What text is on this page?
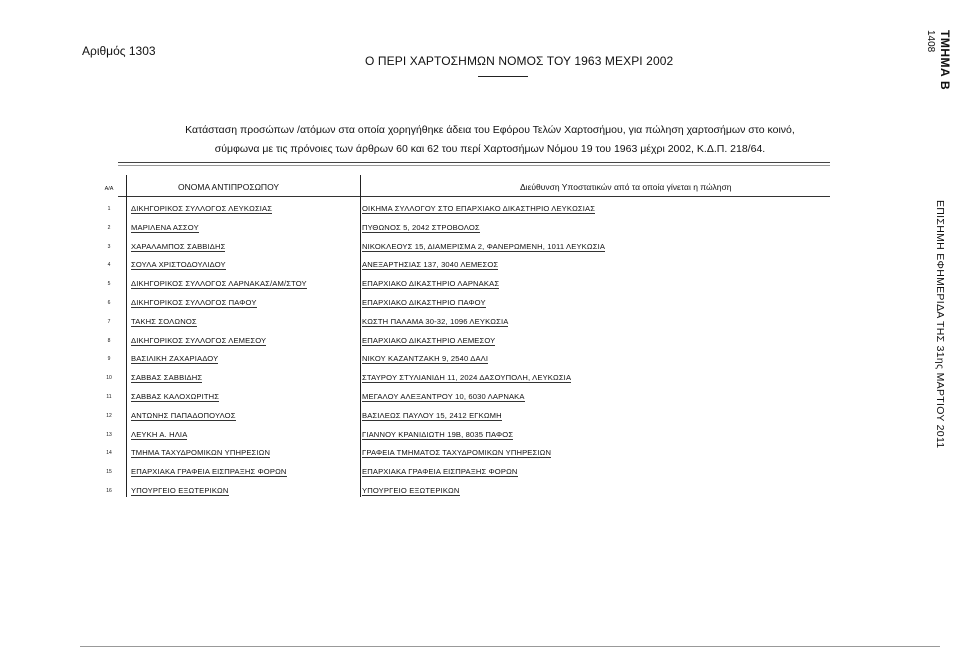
Αριθμός 1303
Ο ΠΕΡΙ ΧΑΡΤΟΣΗΜΩΝ ΝΟΜΟΣ ΤΟΥ 1963 ΜΕΧΡΙ 2002	ΤΜΗΜΑ Β
1408
ΕΠΙΣΗΜΗ ΕΦΗΜΕΡΙΔΑ ΤΗΣ 31ης ΜΑΡΤΙΟΥ 2011
Κατάσταση προσώπων /ατόμων στα οποία χορηγήθηκε άδεια του Εφόρου Τελών Χαρτοσήμου, για πώληση χαρτοσήμων στο κοινό,
σύμφωνα με τις πρόνοιες των άρθρων 60 και 62 του περί Χαρτοσήμων Νόμου 19 του 1963 μέχρι 2002, Κ.Δ.Π. 218/64.
Α/Α	ΟΝΟΜΑ ΑΝΤΙΠΡΟΣΩΠΟΥ	Διεύθυνση Υποστατικών από τα οποία γίνεται η πώληση
1	ΔΙΚΗΓΟΡΙΚΟΣ ΣΥΛΛΟΓΟΣ ΛΕΥΚΩΣΙΑΣ	ΟΙΚΗΜΑ ΣΥΛΛΟΓΟΥ ΣΤΟ ΕΠΑΡΧΙΑΚΟ ΔΙΚΑΣΤΗΡΙΟ ΛΕΥΚΩΣΙΑΣ
2	ΜΑΡΙΛΕΝΑ ΑΣΣΟΥ	ΠΥΘΩΝΟΣ 5, 2042 ΣΤΡΟΒΟΛΟΣ
3	ΧΑΡΑΛΑΜΠΟΣ ΣΑΒΒΙΔΗΣ	ΝΙΚΟΚΛΕΟΥΣ 15, ΔΙΑΜΕΡΙΣΜΑ 2, ΦΑΝΕΡΩΜΕΝΗ, 1011 ΛΕΥΚΩΣΙΑ
4	ΣΟΥΛΑ ΧΡΙΣΤΟΔΟΥΛΙΔΟΥ	ΑΝΕΞΑΡΤΗΣΙΑΣ 137, 3040 ΛΕΜΕΣΟΣ
5	ΔΙΚΗΓΟΡΙΚΟΣ ΣΥΛΛΟΓΟΣ ΛΑΡΝΑΚΑΣ/ΑΜ/ΣΤΟΥ	ΕΠΑΡΧΙΑΚΟ ΔΙΚΑΣΤΗΡΙΟ ΛΑΡΝΑΚΑΣ
6	ΔΙΚΗΓΟΡΙΚΟΣ ΣΥΛΛΟΓΟΣ ΠΑΦΟΥ	ΕΠΑΡΧΙΑΚΟ ΔΙΚΑΣΤΗΡΙΟ ΠΑΦΟΥ
7	ΤΑΚΗΣ ΣΟΛΩΝΟΣ	ΚΩΣΤΗ ΠΑΛΑΜΑ 30-32, 1096 ΛΕΥΚΩΣΙΑ
8	ΔΙΚΗΓΟΡΙΚΟΣ ΣΥΛΛΟΓΟΣ ΛΕΜΕΣΟΥ	ΕΠΑΡΧΙΑΚΟ ΔΙΚΑΣΤΗΡΙΟ ΛΕΜΕΣΟΥ
9	ΒΑΣΙΛΙΚΗ ΖΑΧΑΡΙΑΔΟΥ	ΝΙΚΟΥ ΚΑΖΑΝΤΖΑΚΗ 9, 2540 ΔΑΛΙ
10	ΣΑΒΒΑΣ ΣΑΒΒΙΔΗΣ	ΣΤΑΥΡΟΥ ΣΤΥΛΙΑΝΙΔΗ 11, 2024 ΔΑΣΟΥΠΟΛΗ, ΛΕΥΚΩΣΙΑ
11	ΣΑΒΒΑΣ ΚΑΛΟΧΩΡΙΤΗΣ	ΜΕΓΑΛΟΥ ΑΛΕΞΑΝΤΡΟΥ 10, 6030 ΛΑΡΝΑΚΑ
12	ΑΝΤΩΝΗΣ ΠΑΠΑΔΟΠΟΥΛΟΣ	ΒΑΣΙΛΕΩΣ ΠΑΥΛΟΥ 15, 2412 ΕΓΚΩΜΗ
13	ΛΕΥΚΗ Α. ΗΛΙΑ	ΓΙΑΝΝΟΥ ΚΡΑΝΙΔΙΩΤΗ 19Β, 8035 ΠΑΦΟΣ
14	ΤΜΗΜΑ ΤΑΧΥΔΡΟΜΙΚΩΝ ΥΠΗΡΕΣΙΩΝ	ΓΡΑΦΕΙΑ ΤΜΗΜΑΤΟΣ ΤΑΧΥΔΡΟΜΙΚΩΝ ΥΠΗΡΕΣΙΩΝ
15	ΕΠΑΡΧΙΑΚΑ ΓΡΑΦΕΙΑ ΕΙΣΠΡΑΞΗΣ ΦΟΡΩΝ	ΕΠΑΡΧΙΑΚΑ ΓΡΑΦΕΙΑ ΕΙΣΠΡΑΞΗΣ ΦΟΡΩΝ
16	ΥΠΟΥΡΓΕΙΟ ΕΞΩΤΕΡΙΚΩΝ	ΥΠΟΥΡΓΕΙΟ ΕΞΩΤΕΡΙΚΩΝ
